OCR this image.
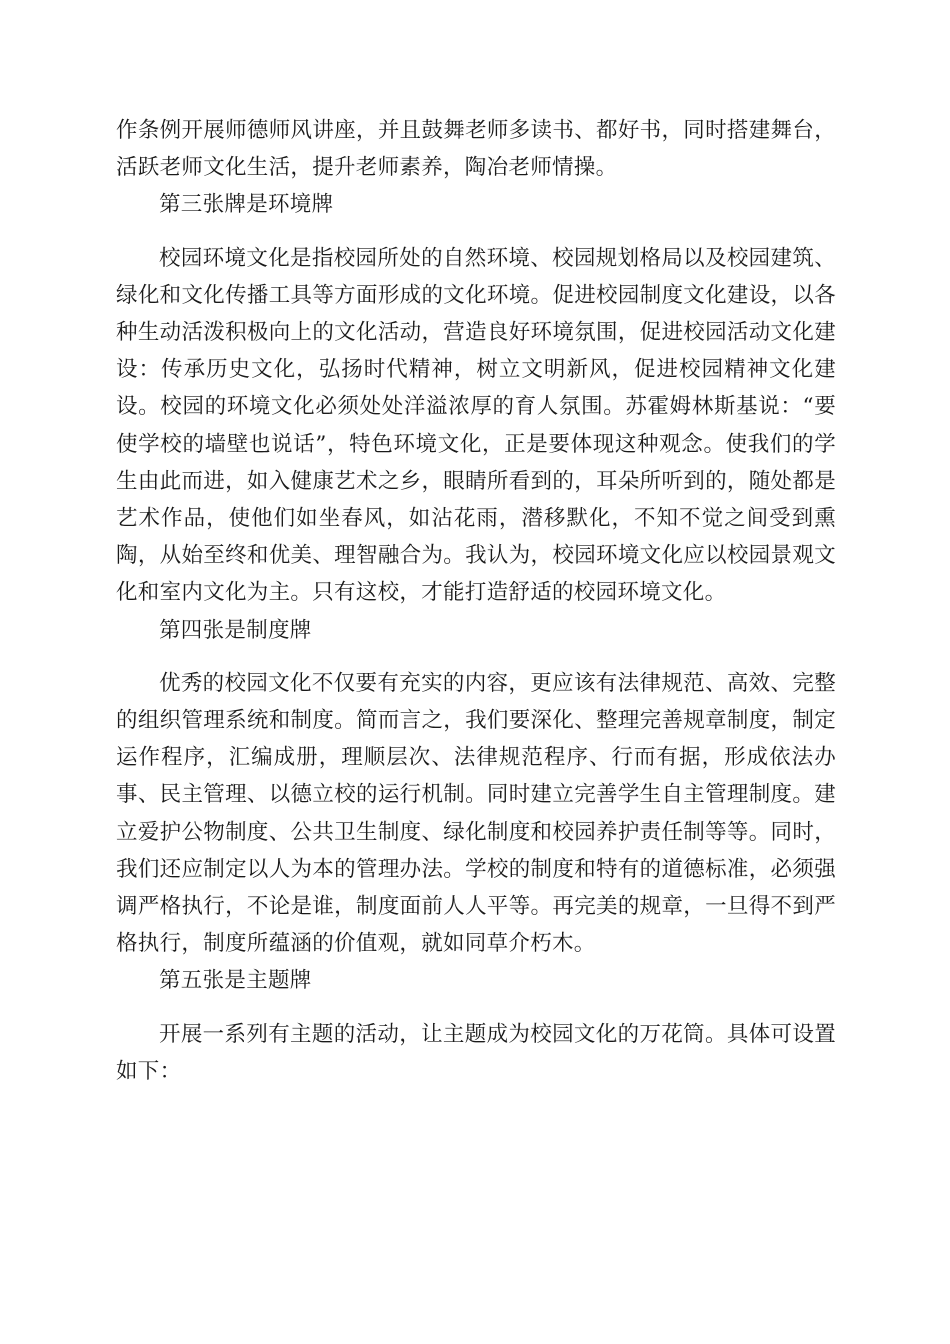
作条例开展师德师风讲座，并且鼓舞老师多读书、都好书，同时搭建舞台，活跃老师文化生活，提升老师素养，陶冶老师情操。

第三张牌是环境牌

校园环境文化是指校园所处的自然环境、校园规划格局以及校园建筑、绿化和文化传播工具等方面形成的文化环境。促进校园制度文化建设，以各种生动活泼积极向上的文化活动，营造良好环境氛围，促进校园活动文化建设：传承历史文化，弘扬时代精神，树立文明新风，促进校园精神文化建设。校园的环境文化必须处处洋溢浓厚的育人氛围。苏霍姆林斯基说：“要使学校的墙壁也说话”，特色环境文化，正是要体现这种观念。使我们的学生由此而进，如入健康艺术之乡，眼睛所看到的，耳朵所听到的，随处都是艺术作品，使他们如坐春风，如沾花雨，潜移默化，不知不觉之间受到熏陶，从始至终和优美、理智融合为。我认为，校园环境文化应以校园景观文化和室内文化为主。只有这校，才能打造舒适的校园环境文化。

第四张是制度牌

优秀的校园文化不仅要有充实的内容，更应该有法律规范、高效、完整的组织管理系统和制度。简而言之，我们要深化、整理完善规章制度，制定运作程序，汇编成册，理顺层次、法律规范程序、行而有据，形成依法办事、民主管理、以德立校的运行机制。同时建立完善学生自主管理制度。建立爱护公物制度、公共卫生制度、绿化制度和校园养护责任制等等。同时，我们还应制定以人为本的管理办法。学校的制度和特有的道德标准，必须强调严格执行，不论是谁，制度面前人人平等。再完美的规章，一旦得不到严格执行，制度所蕴涵的价值观，就如同草介朽木。

第五张是主题牌

开展一系列有主题的活动，让主题成为校园文化的万花筒。具体可设置如下：
